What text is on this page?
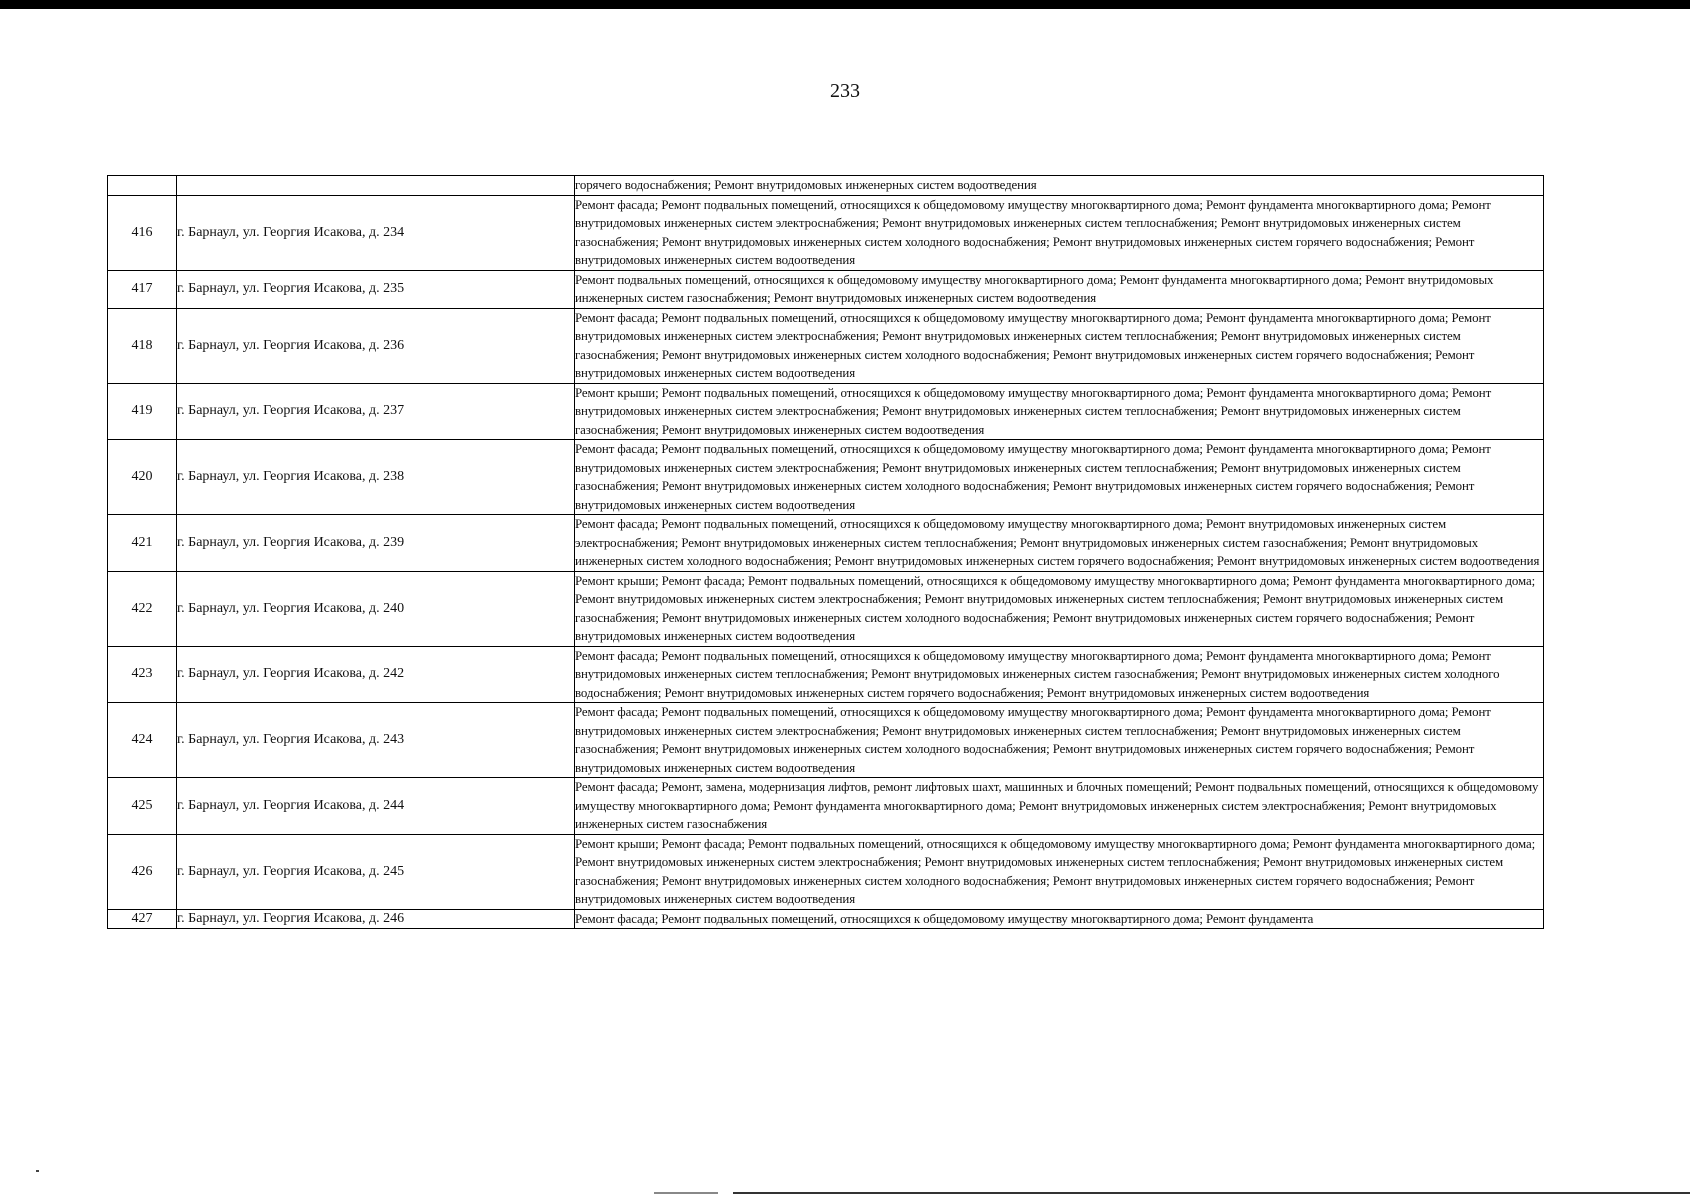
233
		горячего водоснабжения; Ремонт внутридомовых инженерных систем водоотведения
416	г. Барнаул, ул. Георгия Исакова, д. 234	Ремонт фасада; Ремонт подвальных помещений, относящихся к общедомовому имуществу многоквартирного дома; Ремонт фундамента многоквартирного дома; Ремонт внутридомовых инженерных систем электроснабжения; Ремонт внутридомовых инженерных систем теплоснабжения; Ремонт внутридомовых инженерных систем газоснабжения; Ремонт внутридомовых инженерных систем холодного водоснабжения; Ремонт внутридомовых инженерных систем горячего водоснабжения; Ремонт внутридомовых инженерных систем водоотведения
417	г. Барнаул, ул. Георгия Исакова, д. 235	Ремонт подвальных помещений, относящихся к общедомовому имуществу многоквартирного дома; Ремонт фундамента многоквартирного дома; Ремонт внутридомовых инженерных систем газоснабжения; Ремонт внутридомовых инженерных систем водоотведения
418	г. Барнаул, ул. Георгия Исакова, д. 236	Ремонт фасада; Ремонт подвальных помещений, относящихся к общедомовому имуществу многоквартирного дома; Ремонт фундамента многоквартирного дома; Ремонт внутридомовых инженерных систем электроснабжения; Ремонт внутридомовых инженерных систем теплоснабжения; Ремонт внутридомовых инженерных систем газоснабжения; Ремонт внутридомовых инженерных систем холодного водоснабжения; Ремонт внутридомовых инженерных систем горячего водоснабжения; Ремонт внутридомовых инженерных систем водоотведения
419	г. Барнаул, ул. Георгия Исакова, д. 237	Ремонт крыши; Ремонт подвальных помещений, относящихся к общедомовому имуществу многоквартирного дома; Ремонт фундамента многоквартирного дома; Ремонт внутридомовых инженерных систем электроснабжения; Ремонт внутридомовых инженерных систем теплоснабжения; Ремонт внутридомовых инженерных систем газоснабжения; Ремонт внутридомовых инженерных систем водоотведения
420	г. Барнаул, ул. Георгия Исакова, д. 238	Ремонт фасада; Ремонт подвальных помещений, относящихся к общедомовому имуществу многоквартирного дома; Ремонт фундамента многоквартирного дома; Ремонт внутридомовых инженерных систем электроснабжения; Ремонт внутридомовых инженерных систем теплоснабжения; Ремонт внутридомовых инженерных систем газоснабжения; Ремонт внутридомовых инженерных систем холодного водоснабжения; Ремонт внутридомовых инженерных систем горячего водоснабжения; Ремонт внутридомовых инженерных систем водоотведения
421	г. Барнаул, ул. Георгия Исакова, д. 239	Ремонт фасада; Ремонт подвальных помещений, относящихся к общедомовому имуществу многоквартирного дома; Ремонт внутридомовых инженерных систем электроснабжения; Ремонт внутридомовых инженерных систем теплоснабжения; Ремонт внутридомовых инженерных систем газоснабжения; Ремонт внутридомовых инженерных систем холодного водоснабжения; Ремонт внутридомовых инженерных систем горячего водоснабжения; Ремонт внутридомовых инженерных систем водоотведения
422	г. Барнаул, ул. Георгия Исакова, д. 240	Ремонт крыши; Ремонт фасада; Ремонт подвальных помещений, относящихся к общедомовому имуществу многоквартирного дома; Ремонт фундамента многоквартирного дома; Ремонт внутридомовых инженерных систем электроснабжения; Ремонт внутридомовых инженерных систем теплоснабжения; Ремонт внутридомовых инженерных систем газоснабжения; Ремонт внутридомовых инженерных систем холодного водоснабжения; Ремонт внутридомовых инженерных систем горячего водоснабжения; Ремонт внутридомовых инженерных систем водоотведения
423	г. Барнаул, ул. Георгия Исакова, д. 242	Ремонт фасада; Ремонт подвальных помещений, относящихся к общедомовому имуществу многоквартирного дома; Ремонт фундамента многоквартирного дома; Ремонт внутридомовых инженерных систем теплоснабжения; Ремонт внутридомовых инженерных систем газоснабжения; Ремонт внутридомовых инженерных систем холодного водоснабжения; Ремонт внутридомовых инженерных систем горячего водоснабжения; Ремонт внутридомовых инженерных систем водоотведения
424	г. Барнаул, ул. Георгия Исакова, д. 243	Ремонт фасада; Ремонт подвальных помещений, относящихся к общедомовому имуществу многоквартирного дома; Ремонт фундамента многоквартирного дома; Ремонт внутридомовых инженерных систем электроснабжения; Ремонт внутридомовых инженерных систем теплоснабжения; Ремонт внутридомовых инженерных систем газоснабжения; Ремонт внутридомовых инженерных систем холодного водоснабжения; Ремонт внутридомовых инженерных систем горячего водоснабжения; Ремонт внутридомовых инженерных систем водоотведения
425	г. Барнаул, ул. Георгия Исакова, д. 244	Ремонт фасада; Ремонт, замена, модернизация лифтов, ремонт лифтовых шахт, машинных и блочных помещений; Ремонт подвальных помещений, относящихся к общедомовому имуществу многоквартирного дома; Ремонт фундамента многоквартирного дома; Ремонт внутридомовых инженерных систем электроснабжения; Ремонт внутридомовых инженерных систем газоснабжения
426	г. Барнаул, ул. Георгия Исакова, д. 245	Ремонт крыши; Ремонт фасада; Ремонт подвальных помещений, относящихся к общедомовому имуществу многоквартирного дома; Ремонт фундамента многоквартирного дома; Ремонт внутридомовых инженерных систем электроснабжения; Ремонт внутридомовых инженерных систем теплоснабжения; Ремонт внутридомовых инженерных систем газоснабжения; Ремонт внутридомовых инженерных систем холодного водоснабжения; Ремонт внутридомовых инженерных систем горячего водоснабжения; Ремонт внутридомовых инженерных систем водоотведения
427	г. Барнаул, ул. Георгия Исакова, д. 246	Ремонт фасада; Ремонт подвальных помещений, относящихся к общедомовому имуществу многоквартирного дома; Ремонт фундамента
